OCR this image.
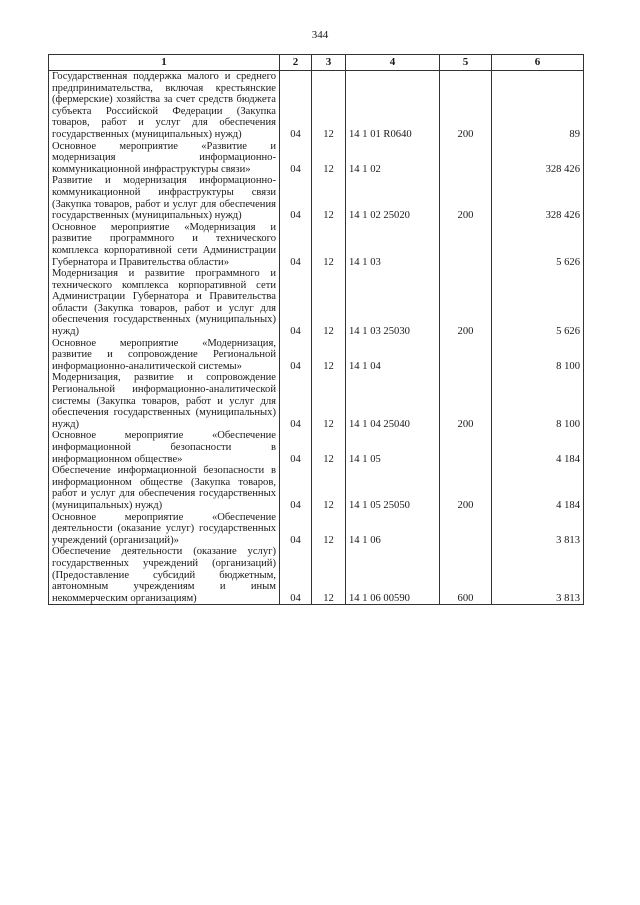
344
1	2	3	4	5	6
Государственная поддержка малого и среднего предпринимательства, включая крестьянские (фермерские) хозяйства за счет средств бюджета субъекта Российской Федерации (Закупка товаров, работ и услуг для обеспечения государственных (муниципальных) нужд)	04	12	14 1 01 R0640	200	89
Основное мероприятие «Развитие и модернизация информационно-коммуникационной инфраструктуры связи»	04	12	14 1 02		328 426
Развитие и модернизация информационно-коммуникационной инфраструктуры связи (Закупка товаров, работ и услуг для обеспечения государственных (муниципальных) нужд)	04	12	14 1 02 25020	200	328 426
Основное мероприятие «Модернизация и развитие программного и технического комплекса корпоративной сети Администрации Губернатора и Правительства области»	04	12	14 1 03		5 626
Модернизация и развитие программного и технического комплекса корпоративной сети Администрации Губернатора и Правительства области (Закупка товаров, работ и услуг для обеспечения государственных (муниципальных) нужд)	04	12	14 1 03 25030	200	5 626
Основное мероприятие «Модернизация, развитие и сопровождение Региональной информационно-аналитической системы»	04	12	14 1 04		8 100
Модернизация, развитие и сопровождение Региональной информационно-аналитической системы (Закупка товаров, работ и услуг для обеспечения государственных (муниципальных) нужд)	04	12	14 1 04 25040	200	8 100
Основное мероприятие «Обеспечение информационной безопасности в информационном обществе»	04	12	14 1 05		4 184
Обеспечение информационной безопасности в информационном обществе (Закупка товаров, работ и услуг для обеспечения государственных (муниципальных) нужд)	04	12	14 1 05 25050	200	4 184
Основное мероприятие «Обеспечение деятельности (оказание услуг) государственных учреждений (организаций)»	04	12	14 1 06		3 813
Обеспечение деятельности (оказание услуг) государственных учреждений (организаций) (Предоставление субсидий бюджетным, автономным учреждениям и иным некоммерческим организациям)	04	12	14 1 06 00590	600	3 813
